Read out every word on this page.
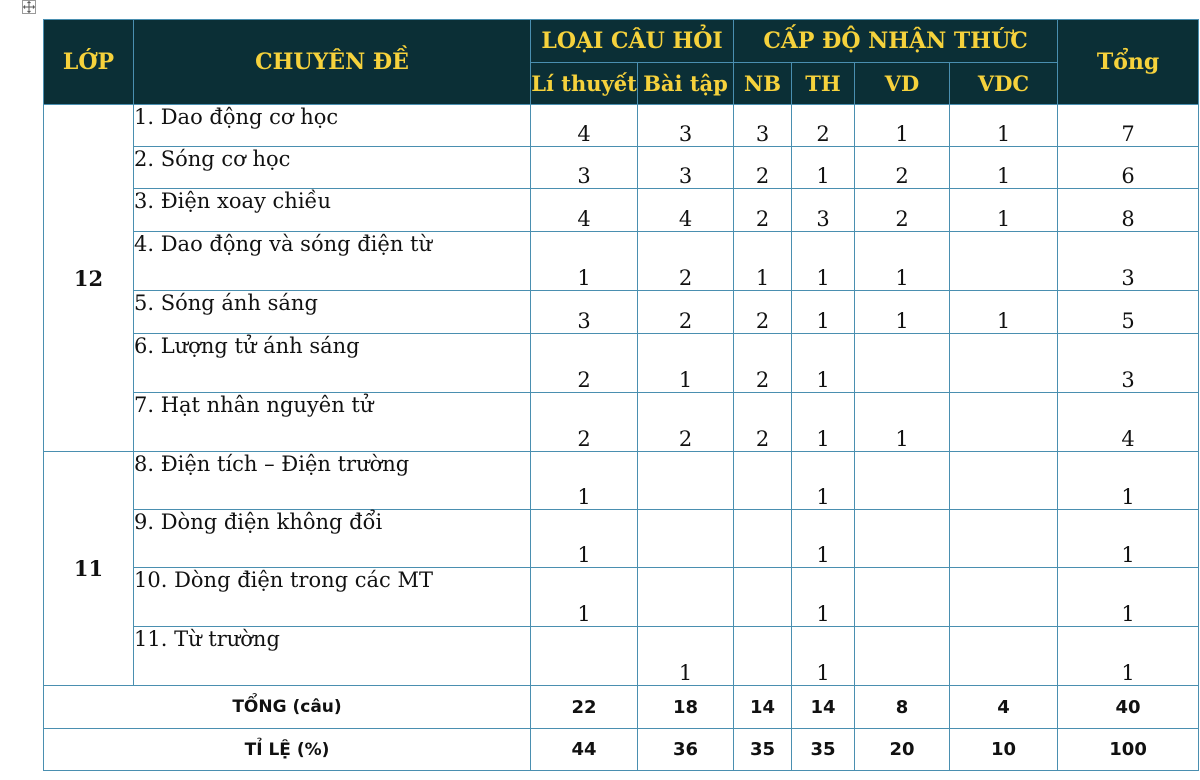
LỚP	CHUYÊN ĐỀ	LOẠI CÂU HỎI		CẤP ĐỘ NHẬN THỨC				Tổng
		Lí thuyết	Bài tập	NB	TH	VD	VDC	
12	1. Dao động cơ học	4	3	3	2	1	1	7
	2. Sóng cơ học	3	3	2	1	2	1	6
	3. Điện xoay chiều	4	4	2	3	2	1	8
	4. Dao động và sóng điện từ	1	2	1	1	1		3
	5. Sóng ánh sáng	3	2	2	1	1	1	5
	6. Lượng tử ánh sáng	2	1	2	1			3
	7. Hạt nhân nguyên tử	2	2	2	1	1		4
11	8. Điện tích – Điện trường	1			1			1
	9. Dòng điện không đổi	1			1			1
	10. Dòng điện trong các MT	1			1			1
	11. Từ trường		1		1			1
TỔNG (câu)		22	18	14	14	8	4	40
TỈ LỆ (%)		44	36	35	35	20	10	100
